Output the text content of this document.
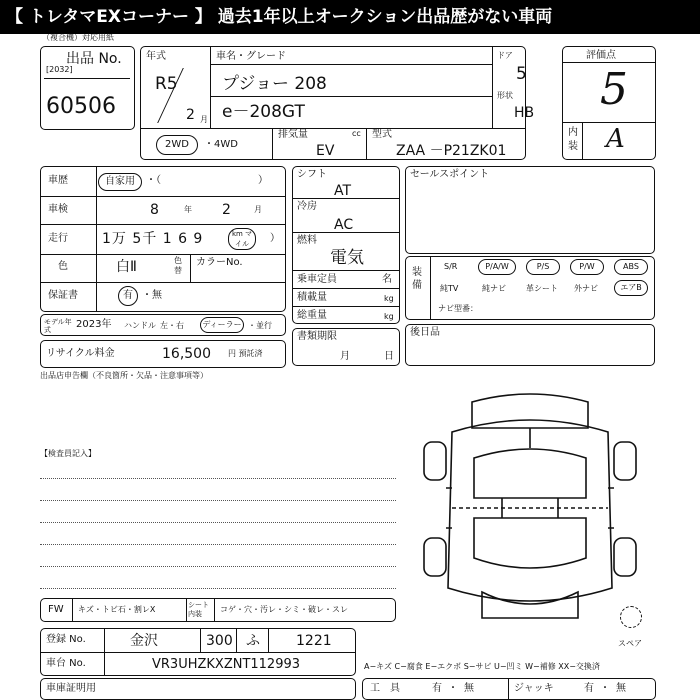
【 トレタマEXコーナー 】 過去1年以上オークション出品歴がない車両
（複合機）対応用紙
出品 No.
[2032]
60506
年式
R5
2 月
車名・グレード
プジョー 208
e－208GT
ドア
5
形状
HB
2WD	・4WD
排気量	cc
EV
型式
ZAA －P21ZK01
評価点
5
内
装 A
車歴	自家用	・（	）
車検	8	年 2	月
走行 1万 5千 1 6 9	km マイル	）
色	白Ⅱ	色替
カラーNo.
保証書	有 ・無
モデル年式	2023年 ハンドル 左・右 ディーラー ・並行
リサイクル料金	16,500 円 預託済
シフト
AT
冷房
AC
燃料
電気
乗車定員	名
積載量	kg
総重量	kg
書類期限
月	日
セールスポイント
装備
S/R	P/A/W	P/S	P/W	ABS
純TV	純ナビ	革シート 外ナビ	エアB
ナビ型番：
後日品
出品店申告欄（不良箇所・欠品・注意事項等）
【検査員記入】
スペア
FW キズ・トビ石・割レX	シート内装	コゲ・穴・汚レ・シミ・破レ・スレ
登録 No.	金沢	300 ふ	1221
車台 No.	VR3UHZKXZNT112993
車庫証明用
A−キズ C−腐食 E−エクボ S−サビ U−凹ミ W−補修 XX−交換済
工具 有・無	ジャッキ	有・無
